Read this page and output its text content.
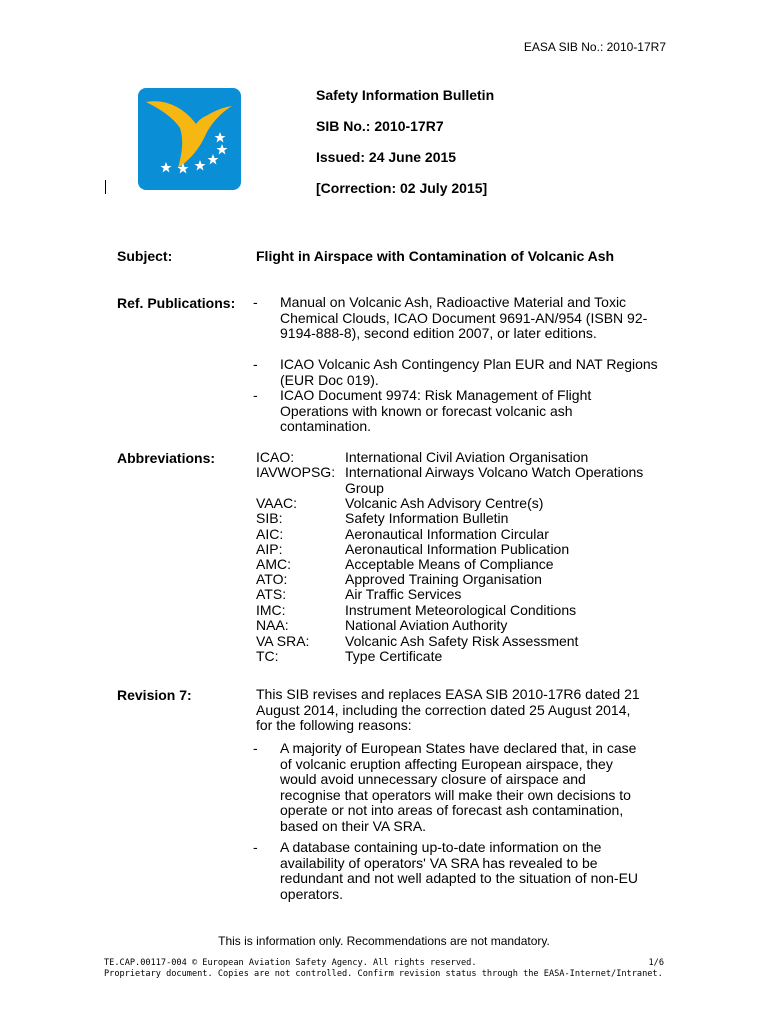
EASA SIB No.: 2010-17R7
Safety Information Bulletin
SIB No.: 2010-17R7
Issued: 24 June 2015
[Correction: 02 July 2015]
Subject:	Flight in Airspace with Contamination of Volcanic Ash
Ref. Publications: - Manual on Volcanic Ash, Radioactive Material and Toxic Chemical Clouds, ICAO Document 9691-AN/954 (ISBN 92-9194-888-8), second edition 2007, or later editions.
- ICAO Volcanic Ash Contingency Plan EUR and NAT Regions (EUR Doc 019).
- ICAO Document 9974: Risk Management of Flight Operations with known or forecast volcanic ash contamination.
Abbreviations:	ICAO:	International Civil Aviation Organisation
IAVWOPSG: International Airways Volcano Watch Operations Group
VAAC:	Volcanic Ash Advisory Centre(s)
SIB:	Safety Information Bulletin
AIC:	Aeronautical Information Circular
AIP:	Aeronautical Information Publication
AMC:	Acceptable Means of Compliance
ATO:	Approved Training Organisation
ATS:	Air Traffic Services
IMC:	Instrument Meteorological Conditions
NAA:	National Aviation Authority
VA SRA:	Volcanic Ash Safety Risk Assessment
TC:	Type Certificate
Revision 7:	This SIB revises and replaces EASA SIB 2010-17R6 dated 21 August 2014, including the correction dated 25 August 2014, for the following reasons:
- A majority of European States have declared that, in case of volcanic eruption affecting European airspace, they would avoid unnecessary closure of airspace and recognise that operators will make their own decisions to operate or not into areas of forecast ash contamination, based on their VA SRA.
- A database containing up-to-date information on the availability of operators' VA SRA has revealed to be redundant and not well adapted to the situation of non-EU operators.
This is information only. Recommendations are not mandatory.
TE.CAP.00117-004 © European Aviation Safety Agency. All rights reserved.
Proprietary document. Copies are not controlled. Confirm revision status through the EASA-Internet/Intranet.
1/6
